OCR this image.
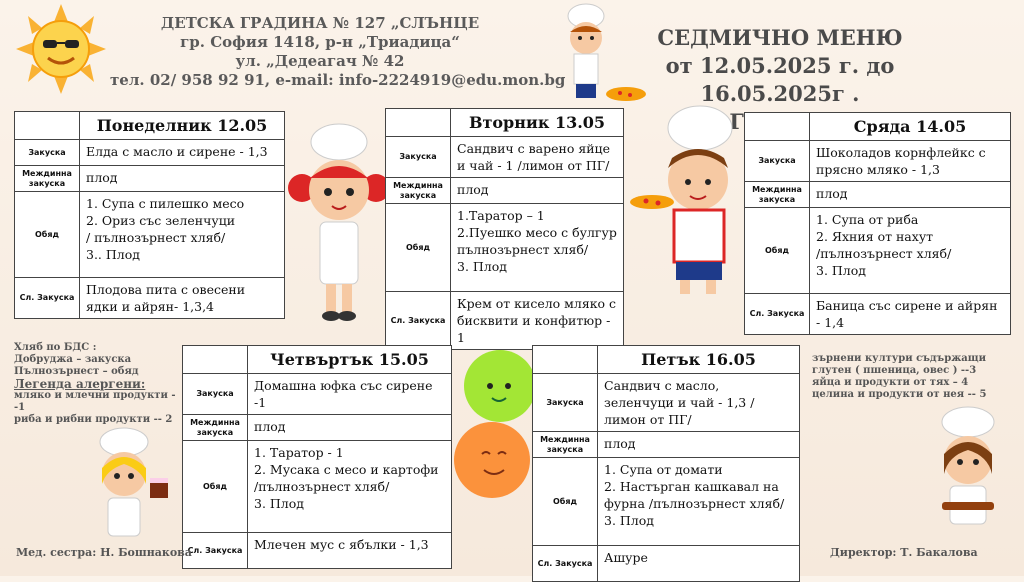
ДЕТСКА ГРАДИНА № 127 „СЛЪНЦЕ
гр. София 1418, р-н „Триадица“
ул. „Дедеагач № 42
тел. 02/ 958 92 91, e-mail: info-2224919@edu.mon.bg
СЕДМИЧНО МЕНЮ
от 12.05.2025 г. до 16.05.2025г .
	Понеделник 12.05
Закуска	Елда с масло и сирене - 1,3
Междинна закуска	плод
Обяд	1. Супа с пилешко месо
2. Ориз със зеленчуци
/ пълнозърнест хляб/
3.. Плод

Сл. Закуска	Плодова пита с овесени ядки и айрян- 1,3,4
	Вторник 13.05
Закуска	Сандвич с варено яйце и чай - 1 /лимон от ПГ/
Междинна закуска	плод
Обяд	1.Таратор – 1
2.Пуешко месо с булгур пълнозърнест хляб/
3. Плод

Сл. Закуска	Крем от кисело мляко с бисквити и конфитюр - 1
	Сряда 14.05
Закуска	Шоколадов корнфлейкс с прясно мляко - 1,3
Междинна закуска	плод
Обяд	1. Супа от риба
2. Яхния от нахут
/пълнозърнест хляб/
3. Плод

Сл. Закуска	Баница със сирене и айрян - 1,4
	Четвъртък 15.05
Закуска	Домашна юфка със сирене -1
Междинна закуска	плод
Обяд	1. Таратор - 1
2. Мусака с месо и картофи /пълнозърнест хляб/
3. Плод

Сл. Закуска	Млечен мус с ябълки - 1,3
	Петък 16.05
Закуска	Сандвич с масло, зеленчуци и чай - 1,3 /лимон от ПГ/
Междинна закуска	плод
Обяд	1. Супа от домати
2. Настърган кашкавал на фурна /пълнозърнест хляб/
3. Плод

Сл. Закуска	Ашуре
Хляб по БДС :
Добруджа – закуска
Пълнозърнест – обяд
Легенда алергени:
мляко и млечни продукти --1
риба и рибни продукти -- 2
зърнени култури съдържащи
глутен ( пшеница, овес ) --3
яйца и продукти от тях – 4
целина и продукти от нея -- 5
Мед. сестра: Н. Бошнакова	Директор: Т. Бакалова
